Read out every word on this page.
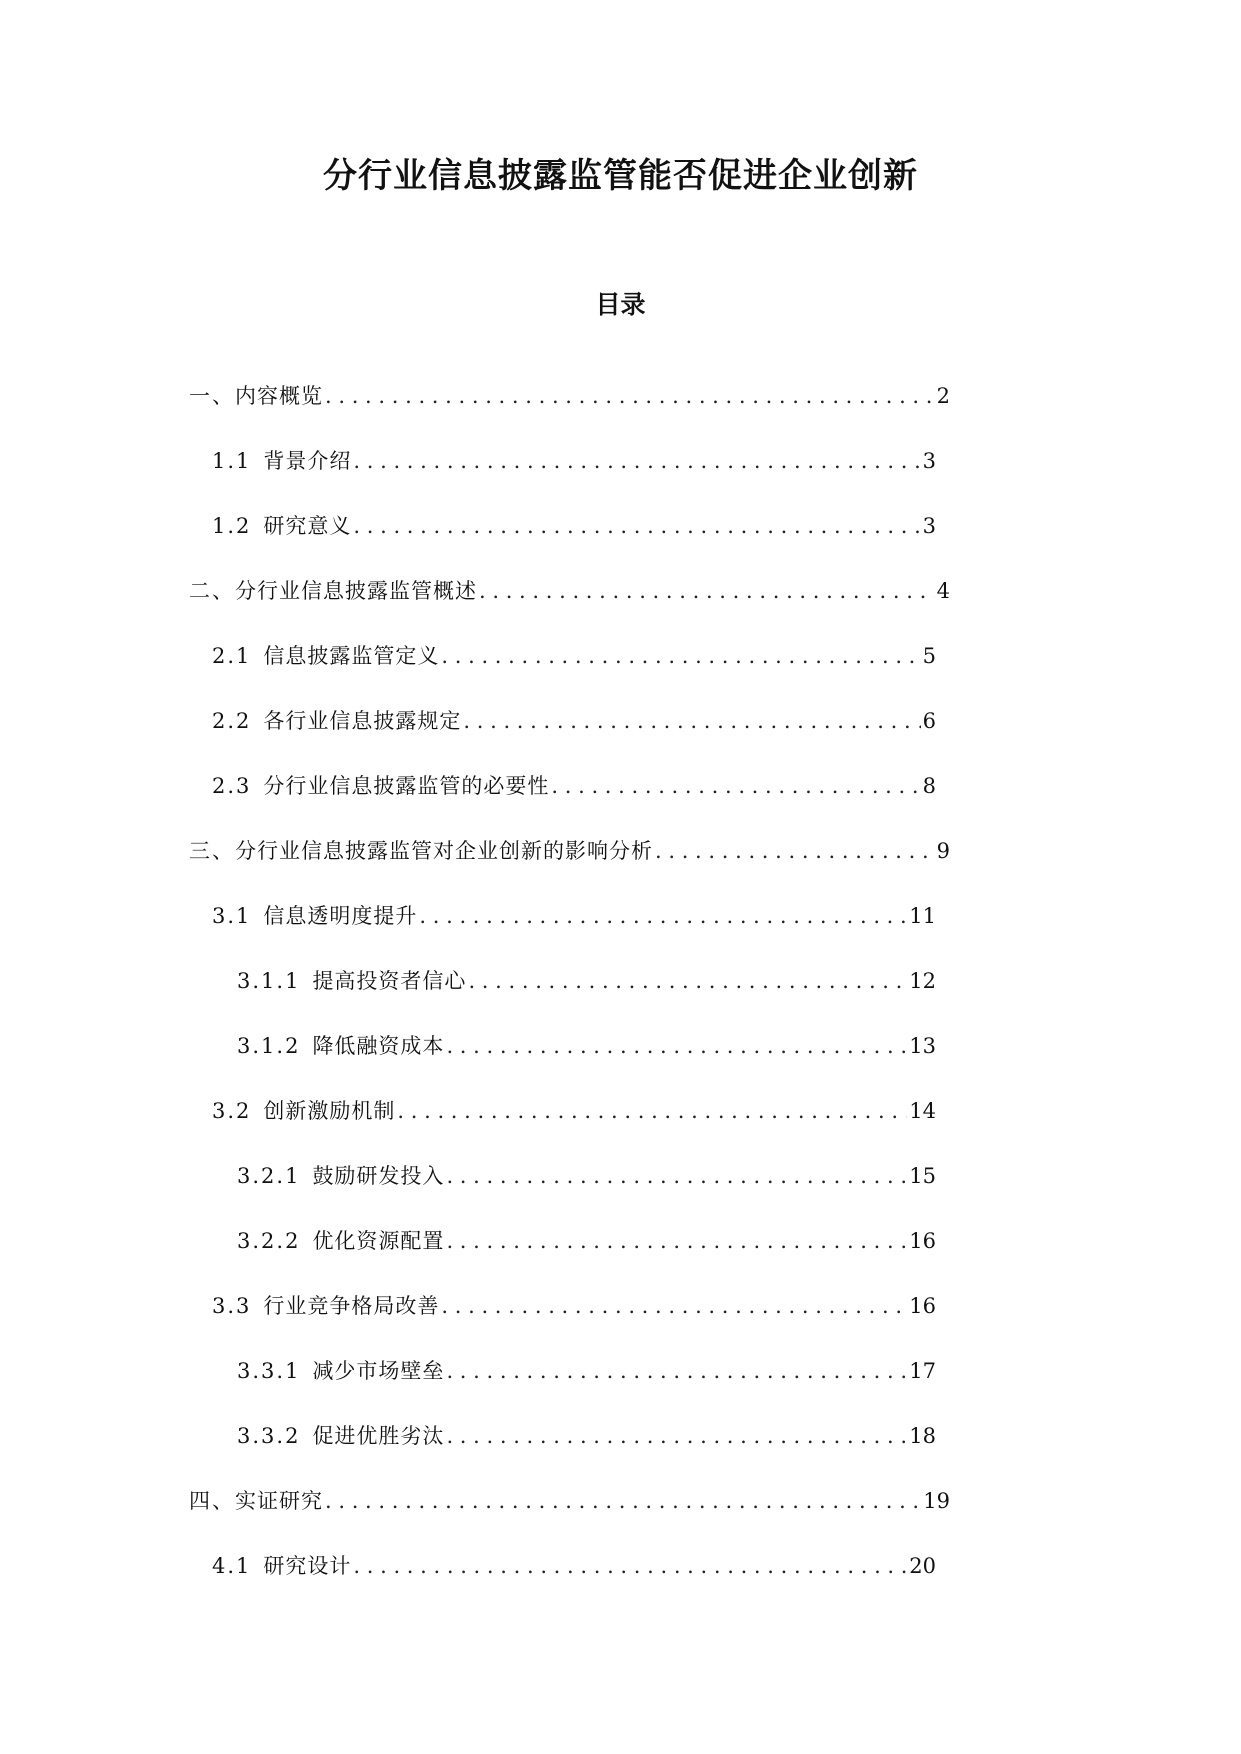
分行业信息披露监管能否促进企业创新
目录
一、 内容概览 . . .	2
1.1 背景介绍 . . .	3
1.2 研究意义 . . .	3
二、 分行业信息披露监管概述 . . .	4
2.1 信息披露监管定义 . . .	5
2.2 各行业信息披露规定 . . .	6
2.3 分行业信息披露监管的必要性 . . .	8
三、 分行业信息披露监管对企业创新的影响分析 . . .	9
3.1 信息透明度提升 . . .	11
3.1.1 提高投资者信心 . . .	12
3.1.2 降低融资成本 . . .	13
3.2 创新激励机制 . . .	14
3.2.1 鼓励研发投入 . . .	15
3.2.2 优化资源配置 . . .	16
3.3 行业竞争格局改善 . . .	16
3.3.1 减少市场壁垒 . . .	17
3.3.2 促进优胜劣汰 . . .	18
四、 实证研究 . . .	19
4.1 研究设计 . . .	20
